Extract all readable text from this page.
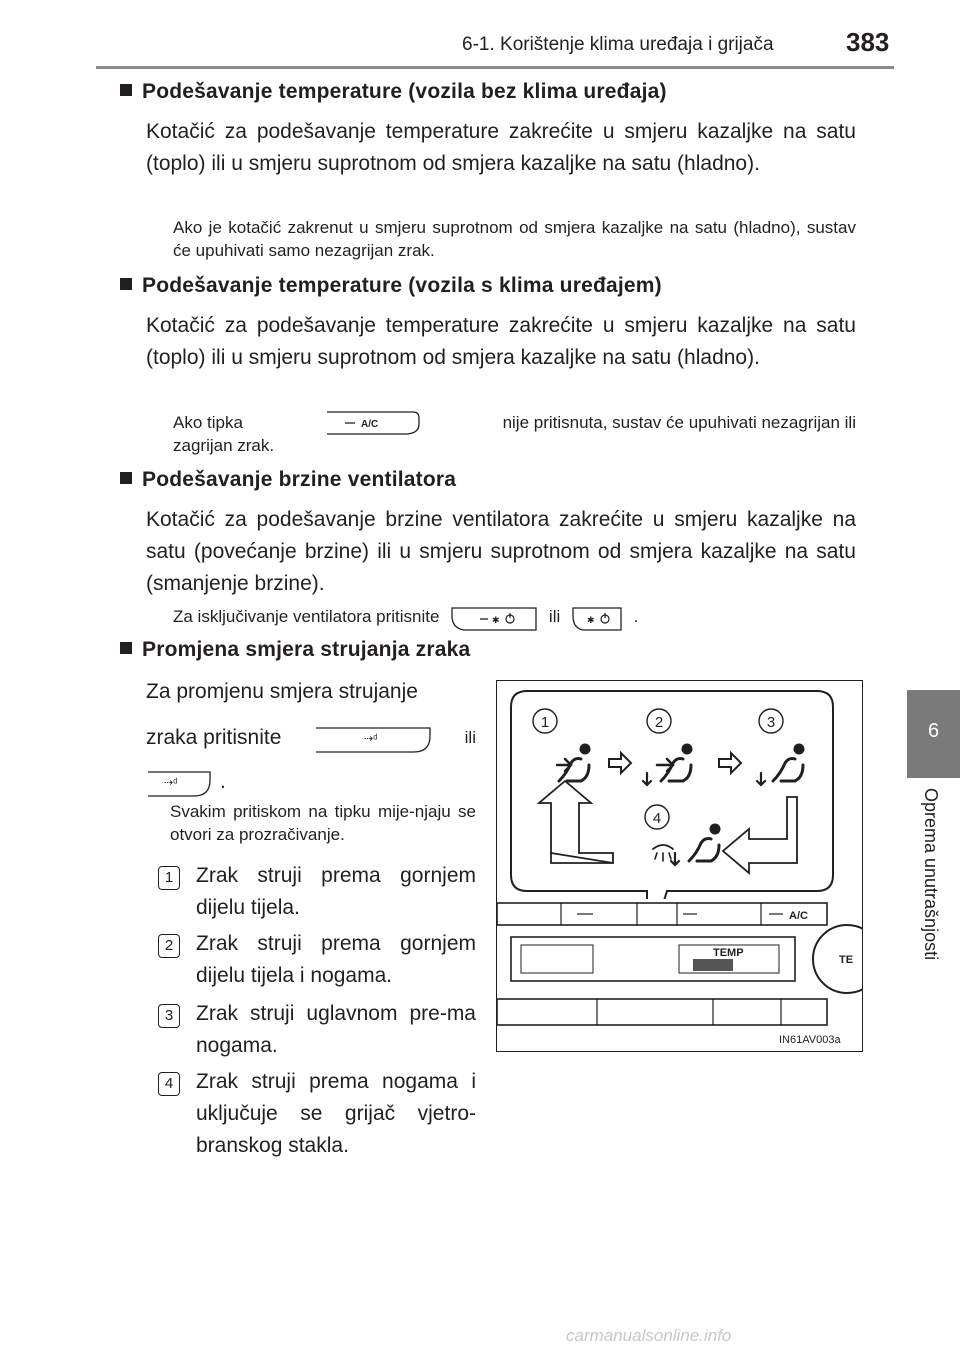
6-1. Korištenje klima uređaja i grijača	383
6
Oprema unutrašnjosti
Podešavanje temperature (vozila bez klima uređaja)
Kotačić za podešavanje temperature zakrećite u smjeru kazaljke na satu (toplo) ili u smjeru suprotnom od smjera kazaljke na satu (hladno).
Ako je kotačić zakrenut u smjeru suprotnom od smjera kazaljke na satu (hladno), sustav će upuhivati samo nezagrijan zrak.
Podešavanje temperature (vozila s klima uređajem)
Kotačić za podešavanje temperature zakrećite u smjeru kazaljke na satu (toplo) ili u smjeru suprotnom od smjera kazaljke na satu (hladno).
Ako tipka	A/C	nije pritisnuta, sustav će upuhivati nezagrijan ili
zagrijan zrak.
Podešavanje brzine ventilatora
Kotačić za podešavanje brzine ventilatora zakrećite u smjeru kazaljke na satu (povećanje brzine) ili u smjeru suprotnom od smjera kazaljke na satu (smanjenje brzine).
Za isključivanje ventilatora pritisnite	✱	ili	✱ .
Promjena smjera strujanja zraka
Za promjenu smjera strujanje
zraka pritisnite	⇢ᵈ	ili
⇢ᵈ .
Svakim pritiskom na tipku mije-njaju se otvori za prozračivanje.
1	Zrak struji prema gornjem dijelu tijela.
2	Zrak struji prema gornjem dijelu tijela i nogama.
3	Zrak struji uglavnom pre-ma nogama.
4	Zrak struji prema nogama i uključuje se grijač vjetro-branskog stakla.
1	2	3
4
A/C
TEMP
TE
IN61AV003a
carmanualsonline.info
